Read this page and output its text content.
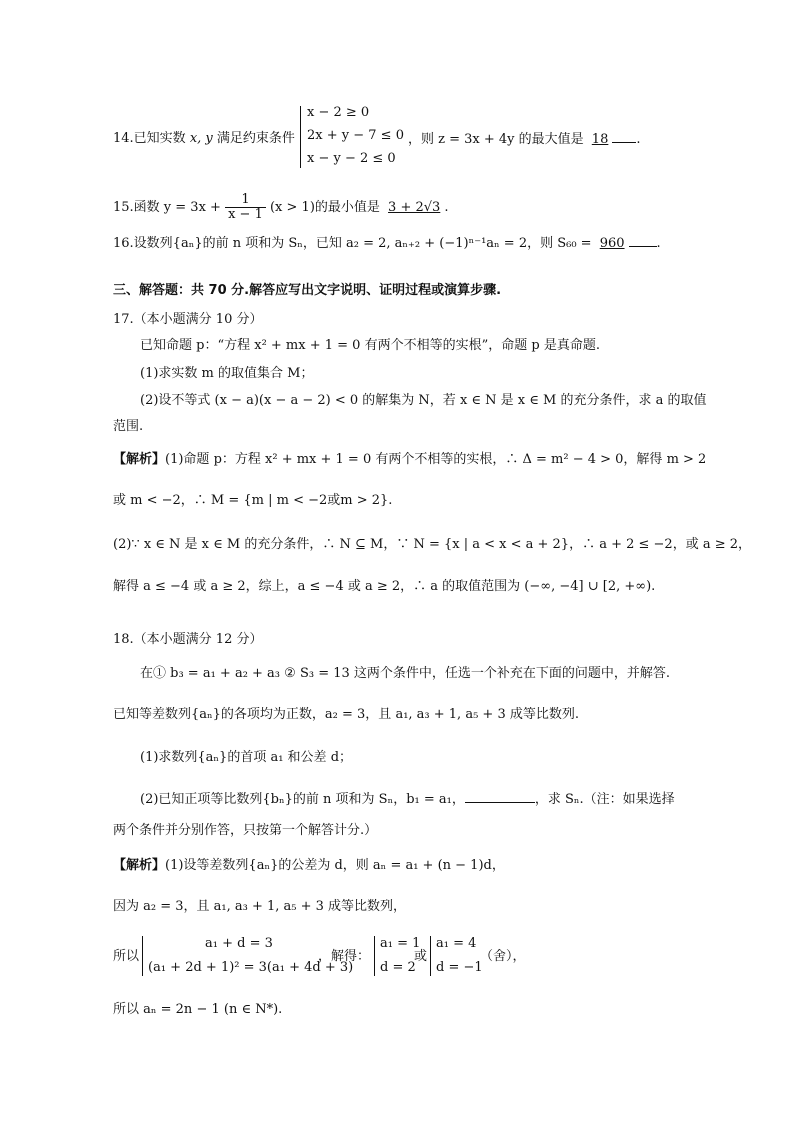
14.已知实数 x, y 满足约束条件
x − 2 ≥ 0
2x + y − 7 ≤ 0
x − y − 2 ≤ 0
，则 z = 3x + 4y 的最大值是 18 .
15.函数 $y = 3x + \frac{1}{x - 1} (x > 1)$的最小值是 3 + 2√3 .
16.设数列{aₙ}的前 n 项和为 Sₙ，已知 a₂ = 2, aₙ₊₂ + (−1)ⁿ⁻¹aₙ = 2，则 S₆₀ = 960 .
三、解答题：共 70 分.解答应写出文字说明、证明过程或演算步骤.
17.（本小题满分 10 分）
已知命题 p：“方程 x² + mx + 1 = 0 有两个不相等的实根”，命题 p 是真命题.
(1)求实数 m 的取值集合 M；
(2)设不等式 (x − a)(x − a − 2) < 0 的解集为 N，若 x ∈ N 是 x ∈ M 的充分条件，求 a 的取值
范围.
【解析】(1)命题 p：方程 x² + mx + 1 = 0 有两个不相等的实根，∴ Δ = m² − 4 > 0，解得 m > 2
或 m < −2，∴ M = {m | m < −2或m > 2}.
(2)∵ x ∈ N 是 x ∈ M 的充分条件，∴ N ⊆ M，∵ N = {x | a < x < a + 2}，∴ a + 2 ≤ −2，或 a ≥ 2，
解得 a ≤ −4 或 a ≥ 2，综上，a ≤ −4 或 a ≥ 2，∴ a 的取值范围为 (−∞, −4] ∪ [2, +∞).
18.（本小题满分 12 分）
在① b₃ = a₁ + a₂ + a₃ ② S₃ = 13 这两个条件中，任选一个补充在下面的问题中，并解答.
已知等差数列{aₙ}的各项均为正数，a₂ = 3，且 a₁, a₃ + 1, a₅ + 3 成等比数列.
(1)求数列{aₙ}的首项 a₁ 和公差 d；
(2)已知正项等比数列{bₙ}的前 n 项和为 Sₙ，b₁ = a₁，	，求 Sₙ.（注：如果选择
两个条件并分别作答，只按第一个解答计分.）
【解析】(1)设等差数列{aₙ}的公差为 d，则 aₙ = a₁ + (n − 1)d，
因为 a₂ = 3，且 a₁, a₃ + 1, a₅ + 3 成等比数列，
所以
a₁ + d = 3
(a₁ + 2d + 1)² = 3(a₁ + 4d + 3)
，解得：
a₁ = 1
d = 2
或
a₁ = 4
d = −1
（舍），
所以 aₙ = 2n − 1 (n ∈ N*).
